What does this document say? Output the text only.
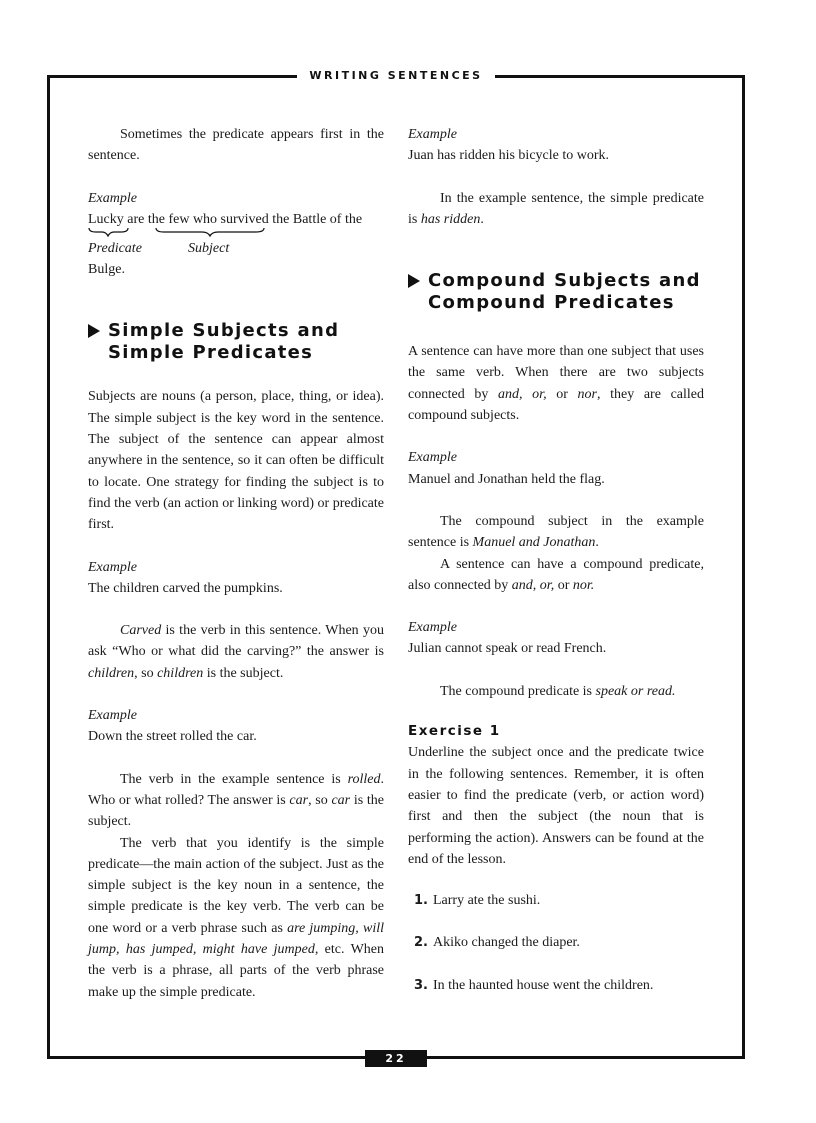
WRITING SENTENCES
22

Sometimes the predicate appears first in the sentence.

Example

Lucky are the few who survived the Battle of the

Predicate	Subject

Bulge.

Simple Subjects and
Simple Predicates

Subjects are nouns (a person, place, thing, or idea). The simple subject is the key word in the sentence. The subject of the sentence can appear almost anywhere in the sentence, so it can often be difficult to locate. One strategy for finding the subject is to find the verb (an action or linking word) or predicate first.

Example

The children carved the pumpkins.

Carved is the verb in this sentence. When you ask “Who or what did the carving?” the answer is children, so children is the subject.

Example

Down the street rolled the car.

The verb in the example sentence is rolled. Who or what rolled? The answer is car, so car is the subject.

The verb that you identify is the simple predicate—the main action of the subject. Just as the simple subject is the key noun in a sentence, the simple predicate is the key verb. The verb can be one word or a verb phrase such as are jumping, will jump, has jumped, might have jumped, etc. When the verb is a phrase, all parts of the verb phrase make up the simple predicate.

Example

Juan has ridden his bicycle to work.

In the example sentence, the simple predicate is has ridden.

Compound Subjects and
Compound Predicates

A sentence can have more than one subject that uses the same verb. When there are two subjects connected by and, or, or nor, they are called compound subjects.

Example

Manuel and Jonathan held the flag.

The compound subject in the example sentence is Manuel and Jonathan.

A sentence can have a compound predicate, also connected by and, or, or nor.

Example

Julian cannot speak or read French.

The compound predicate is speak or read.

Exercise 1

Underline the subject once and the predicate twice in the following sentences. Remember, it is often easier to find the predicate (verb, or action word) first and then the subject (the noun that is performing the action). Answers can be found at the end of the lesson.

1. Larry ate the sushi.

2. Akiko changed the diaper.

3. In the haunted house went the children.
